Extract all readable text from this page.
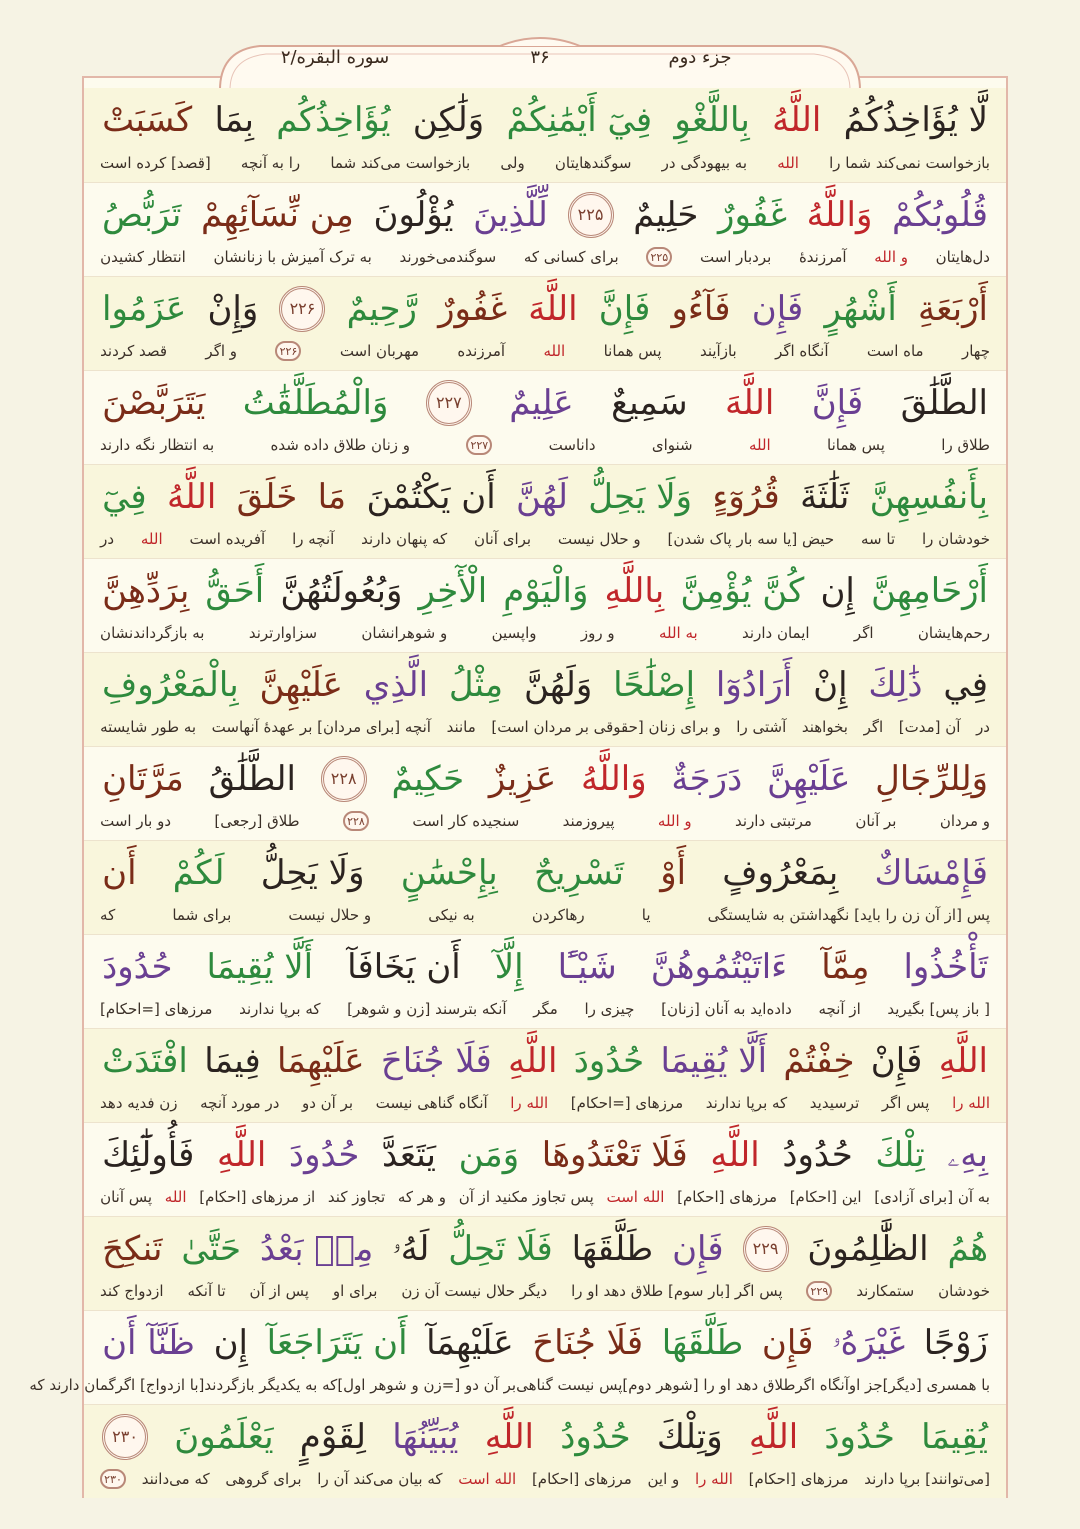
جزء دوم
۳۶
سوره البقره/۲
لَّا يُؤَاخِذُكُمُ
اللَّهُ
بِاللَّغْوِ
فِيٓ أَيْمَٰنِكُمْ
وَلَٰكِن
يُؤَاخِذُكُم
بِمَا
كَسَبَتْ
بازخواست نمی‌کند شما را
الله
به بیهودگی در
سوگندهایتان
ولی
بازخواست می‌کند شما
را به آنچه
[قصد] کرده است
قُلُوبُكُمْ
وَاللَّهُ
غَفُورٌ
حَلِيمٌ
۲۲۵
لِّلَّذِينَ
يُؤْلُونَ
مِن نِّسَآئِهِمْ
تَرَبُّصُ
دل‌هایتان
و الله
آمرزندهٔ
بردبار است
۲۲۵
برای کسانی که
سوگندمی‌خورند
به ترک آمیزش با زنانشان
انتظار کشیدن
أَرْبَعَةِ
أَشْهُرٍ
فَإِن
فَآءُو
فَإِنَّ
اللَّهَ
غَفُورٌ
رَّحِيمٌ
۲۲۶
وَإِنْ
عَزَمُوا
چهار
ماه است
آنگاه اگر
بازآیند
پس همانا
الله
آمرزنده
مهربان است
۲۲۶
و اگر
قصد کردند
الطَّلَٰقَ
فَإِنَّ
اللَّهَ
سَمِيعٌ
عَلِيمٌ
۲۲۷
وَالْمُطَلَّقَٰتُ
يَتَرَبَّصْنَ
طلاق را
پس همانا
الله
شنوای
داناست
۲۲۷
و زنان طلاق داده شده
به انتظار نگه دارند
بِأَنفُسِهِنَّ
ثَلَٰثَةَ
قُرُوٓءٍ
وَلَا يَحِلُّ
لَهُنَّ
أَن يَكْتُمْنَ
مَا
خَلَقَ
اللَّهُ
فِيٓ
خودشان را
تا سه
حیض [یا سه بار پاک شدن]
و حلال نیست
برای آنان
که پنهان دارند
آنچه را
آفریده است
الله
در
أَرْحَامِهِنَّ
إِن
كُنَّ يُؤْمِنَّ
بِاللَّهِ
وَالْيَوْمِ
الْأٓخِرِ
وَبُعُولَتُهُنَّ
أَحَقُّ
بِرَدِّهِنَّ
رحم‌هایشان
اگر
ایمان دارند
به الله
و روز
واپسین
و شوهرانشان
سزاوارترند
به بازگرداندنشان
فِي
ذَٰلِكَ
إِنْ
أَرَادُوٓا
إِصْلَٰحًا
وَلَهُنَّ
مِثْلُ
الَّذِي
عَلَيْهِنَّ
بِالْمَعْرُوفِ
در
آن [مدت]
اگر
بخواهند
آشتی را
و برای زنان [حقوقی بر مردان است]
مانند
آنچه [برای مردان] بر عهدهٔ آنهاست
به طور شایسته
وَلِلرِّجَالِ
عَلَيْهِنَّ
دَرَجَةٌ
وَاللَّهُ
عَزِيزٌ
حَكِيمٌ
۲۲۸
الطَّلَٰقُ
مَرَّتَانِ
و مردان
بر آنان
مرتبتی دارند
و الله
پیروزمند
سنجیده کار است
۲۲۸
طلاق [رجعی]
دو بار است
فَإِمْسَاكٌ
بِمَعْرُوفٍ
أَوْ
تَسْرِيحٌ
بِإِحْسَٰنٍ
وَلَا يَحِلُّ
لَكُمْ
أَن
پس [از آن زن را باید] نگهداشتن به شایستگی
یا
رهاکردن
به نیکی
و حلال نیست
برای شما
که
تَأْخُذُوا
مِمَّآ
ءَاتَيْتُمُوهُنَّ
شَيْـًٔا
إِلَّآ
أَن يَخَافَآ
أَلَّا يُقِيمَا
حُدُودَ
[ باز پس] بگیرید
از آنچه
داده‌اید به آنان [زنان]
چیزی را
مگر
آنکه بترسند [زن و شوهر]
که برپا ندارند
مرزهای [=احکام]
اللَّهِ
فَإِنْ
خِفْتُمْ
أَلَّا يُقِيمَا
حُدُودَ
اللَّهِ
فَلَا جُنَاحَ
عَلَيْهِمَا
فِيمَا
افْتَدَتْ
الله را
پس اگر
ترسیدید
که برپا ندارند
مرزهای [=احکام]
الله را
آنگاه گناهی نیست
بر آن دو
در مورد آنچه
زن فدیه دهد
بِهِۦ
تِلْكَ
حُدُودُ
اللَّهِ
فَلَا تَعْتَدُوهَا
وَمَن
يَتَعَدَّ
حُدُودَ
اللَّهِ
فَأُولَٰٓئِكَ
به آن [برای آزادی]
این [احکام]
مرزهای [احکام]
الله است
پس تجاوز مکنید از آن
و هر که
تجاوز کند
از مرزهای [احکام]
الله
پس آنان
هُمُ
الظَّٰلِمُونَ
۲۲۹
فَإِن
طَلَّقَهَا
فَلَا تَحِلُّ
لَهُۥ
مِنۢ بَعْدُ
حَتَّىٰ
تَنكِحَ
خودشان
ستمکارند
۲۲۹
پس اگر [بار سوم] طلاق دهد او را
دیگر حلال نیست آن زن
برای او
پس از آن
تا آنکه
ازدواج کند
زَوْجًا
غَيْرَهُۥ
فَإِن
طَلَّقَهَا
فَلَا جُنَاحَ
عَلَيْهِمَآ
أَن يَتَرَاجَعَآ
إِن
ظَنَّآ أَن
با همسری [دیگر]
جز او
آنگاه اگر
طلاق دهد او را [شوهر دوم]
پس نیست گناهی
بر آن دو [=زن و شوهر اول]
که به یکدیگر بازگردند
[با ازدواج] اگر
گمان دارند که
يُقِيمَا
حُدُودَ
اللَّهِ
وَتِلْكَ
حُدُودُ
اللَّهِ
يُبَيِّنُهَا
لِقَوْمٍ
يَعْلَمُونَ
۲۳۰
[می‌توانند] برپا دارند
مرزهای [احکام]
الله را
و این
مرزهای [احکام]
الله است
که بیان می‌کند آن را
برای گروهی
که می‌دانند
۲۳۰
